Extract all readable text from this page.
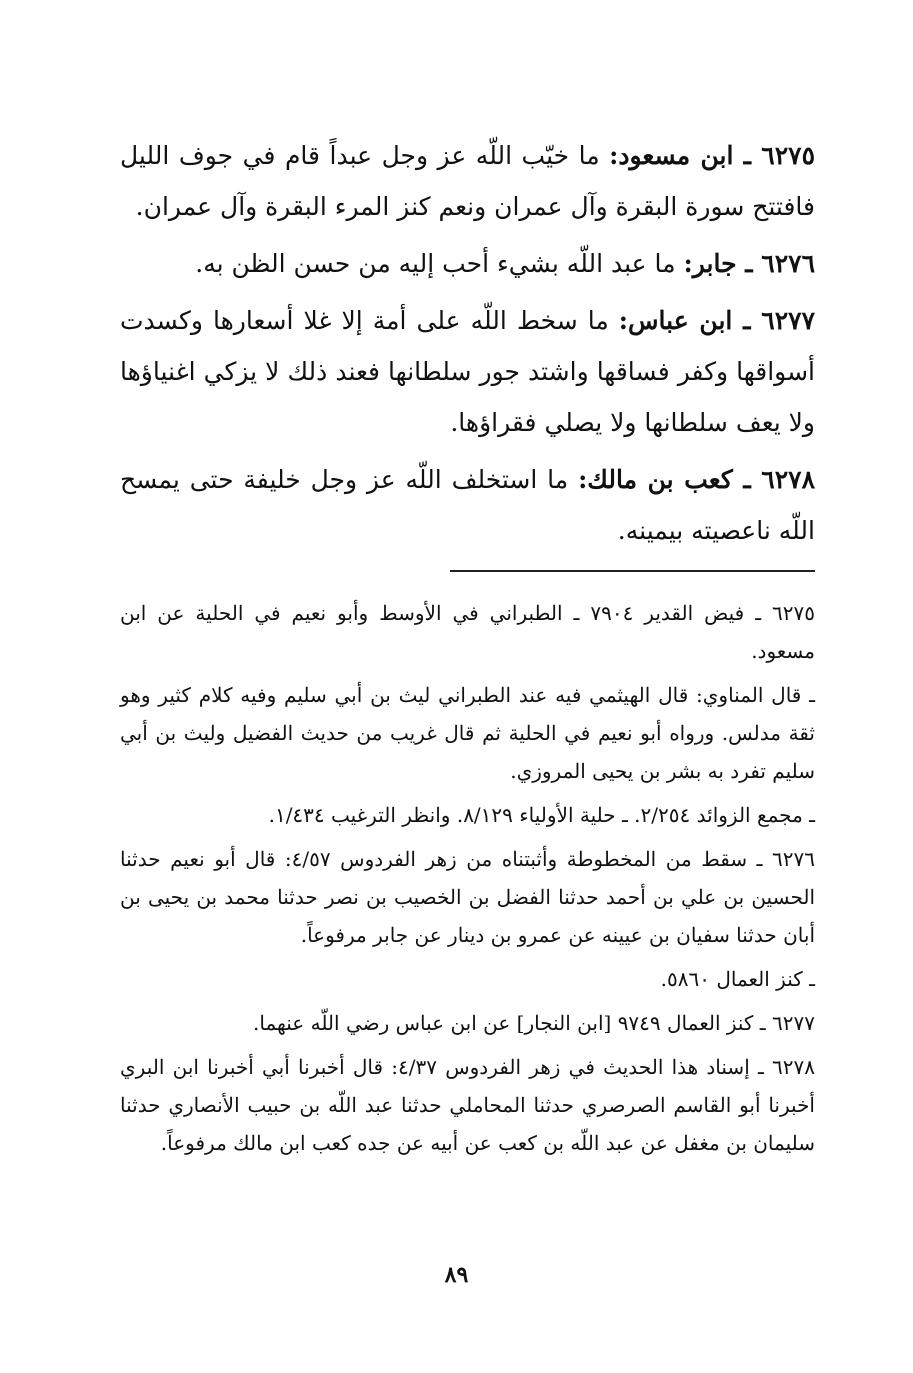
٦٢٧٥ ـ ابن مسعود: ما خيّب اللّه عز وجل عبداً قام في جوف الليل فافتتح سورة البقرة وآل عمران ونعم كنز المرء البقرة وآل عمران.

٦٢٧٦ ـ جابر: ما عبد اللّه بشيء أحب إليه من حسن الظن به.

٦٢٧٧ ـ ابن عباس: ما سخط اللّه على أمة إلا غلا أسعارها وكسدت أسواقها وكفر فساقها واشتد جور سلطانها فعند ذلك لا يزكي اغنياؤها ولا يعف سلطانها ولا يصلي فقراؤها.

٦٢٧٨ ـ كعب بن مالك: ما استخلف اللّه عز وجل خليفة حتى يمسح اللّه ناعصيته بيمينه.

٦٢٧٥ ـ فيض القدير ٧٩٠٤ ـ الطبراني في الأوسط وأبو نعيم في الحلية عن ابن مسعود.

ـ قال المناوي: قال الهيثمي فيه عند الطبراني ليث بن أبي سليم وفيه كلام كثير وهو ثقة مدلس. ورواه أبو نعيم في الحلية ثم قال غريب من حديث الفضيل وليث بن أبي سليم تفرد به بشر بن يحيى المروزي.

ـ مجمع الزوائد ٢/٢٥٤. ـ حلية الأولياء ٨/١٢٩. وانظر الترغيب ١/٤٣٤.

٦٢٧٦ ـ سقط من المخطوطة وأثبتناه من زهر الفردوس ٤/٥٧: قال أبو نعيم حدثنا الحسين بن علي بن أحمد حدثنا الفضل بن الخصيب بن نصر حدثنا محمد بن يحيى بن أبان حدثنا سفيان بن عيينه عن عمرو بن دينار عن جابر مرفوعاً.

ـ كنز العمال ٥٨٦٠.

٦٢٧٧ ـ كنز العمال ٩٧٤٩ [ابن النجار] عن ابن عباس رضي اللّه عنهما.

٦٢٧٨ ـ إسناد هذا الحديث في زهر الفردوس ٤/٣٧: قال أخبرنا أبي أخبرنا ابن البري أخبرنا أبو القاسم الصرصري حدثنا المحاملي حدثنا عبد اللّه بن حبيب الأنصاري حدثنا سليمان بن مغفل عن عبد اللّه بن كعب عن أبيه عن جده كعب ابن مالك مرفوعاً.

٨٩
